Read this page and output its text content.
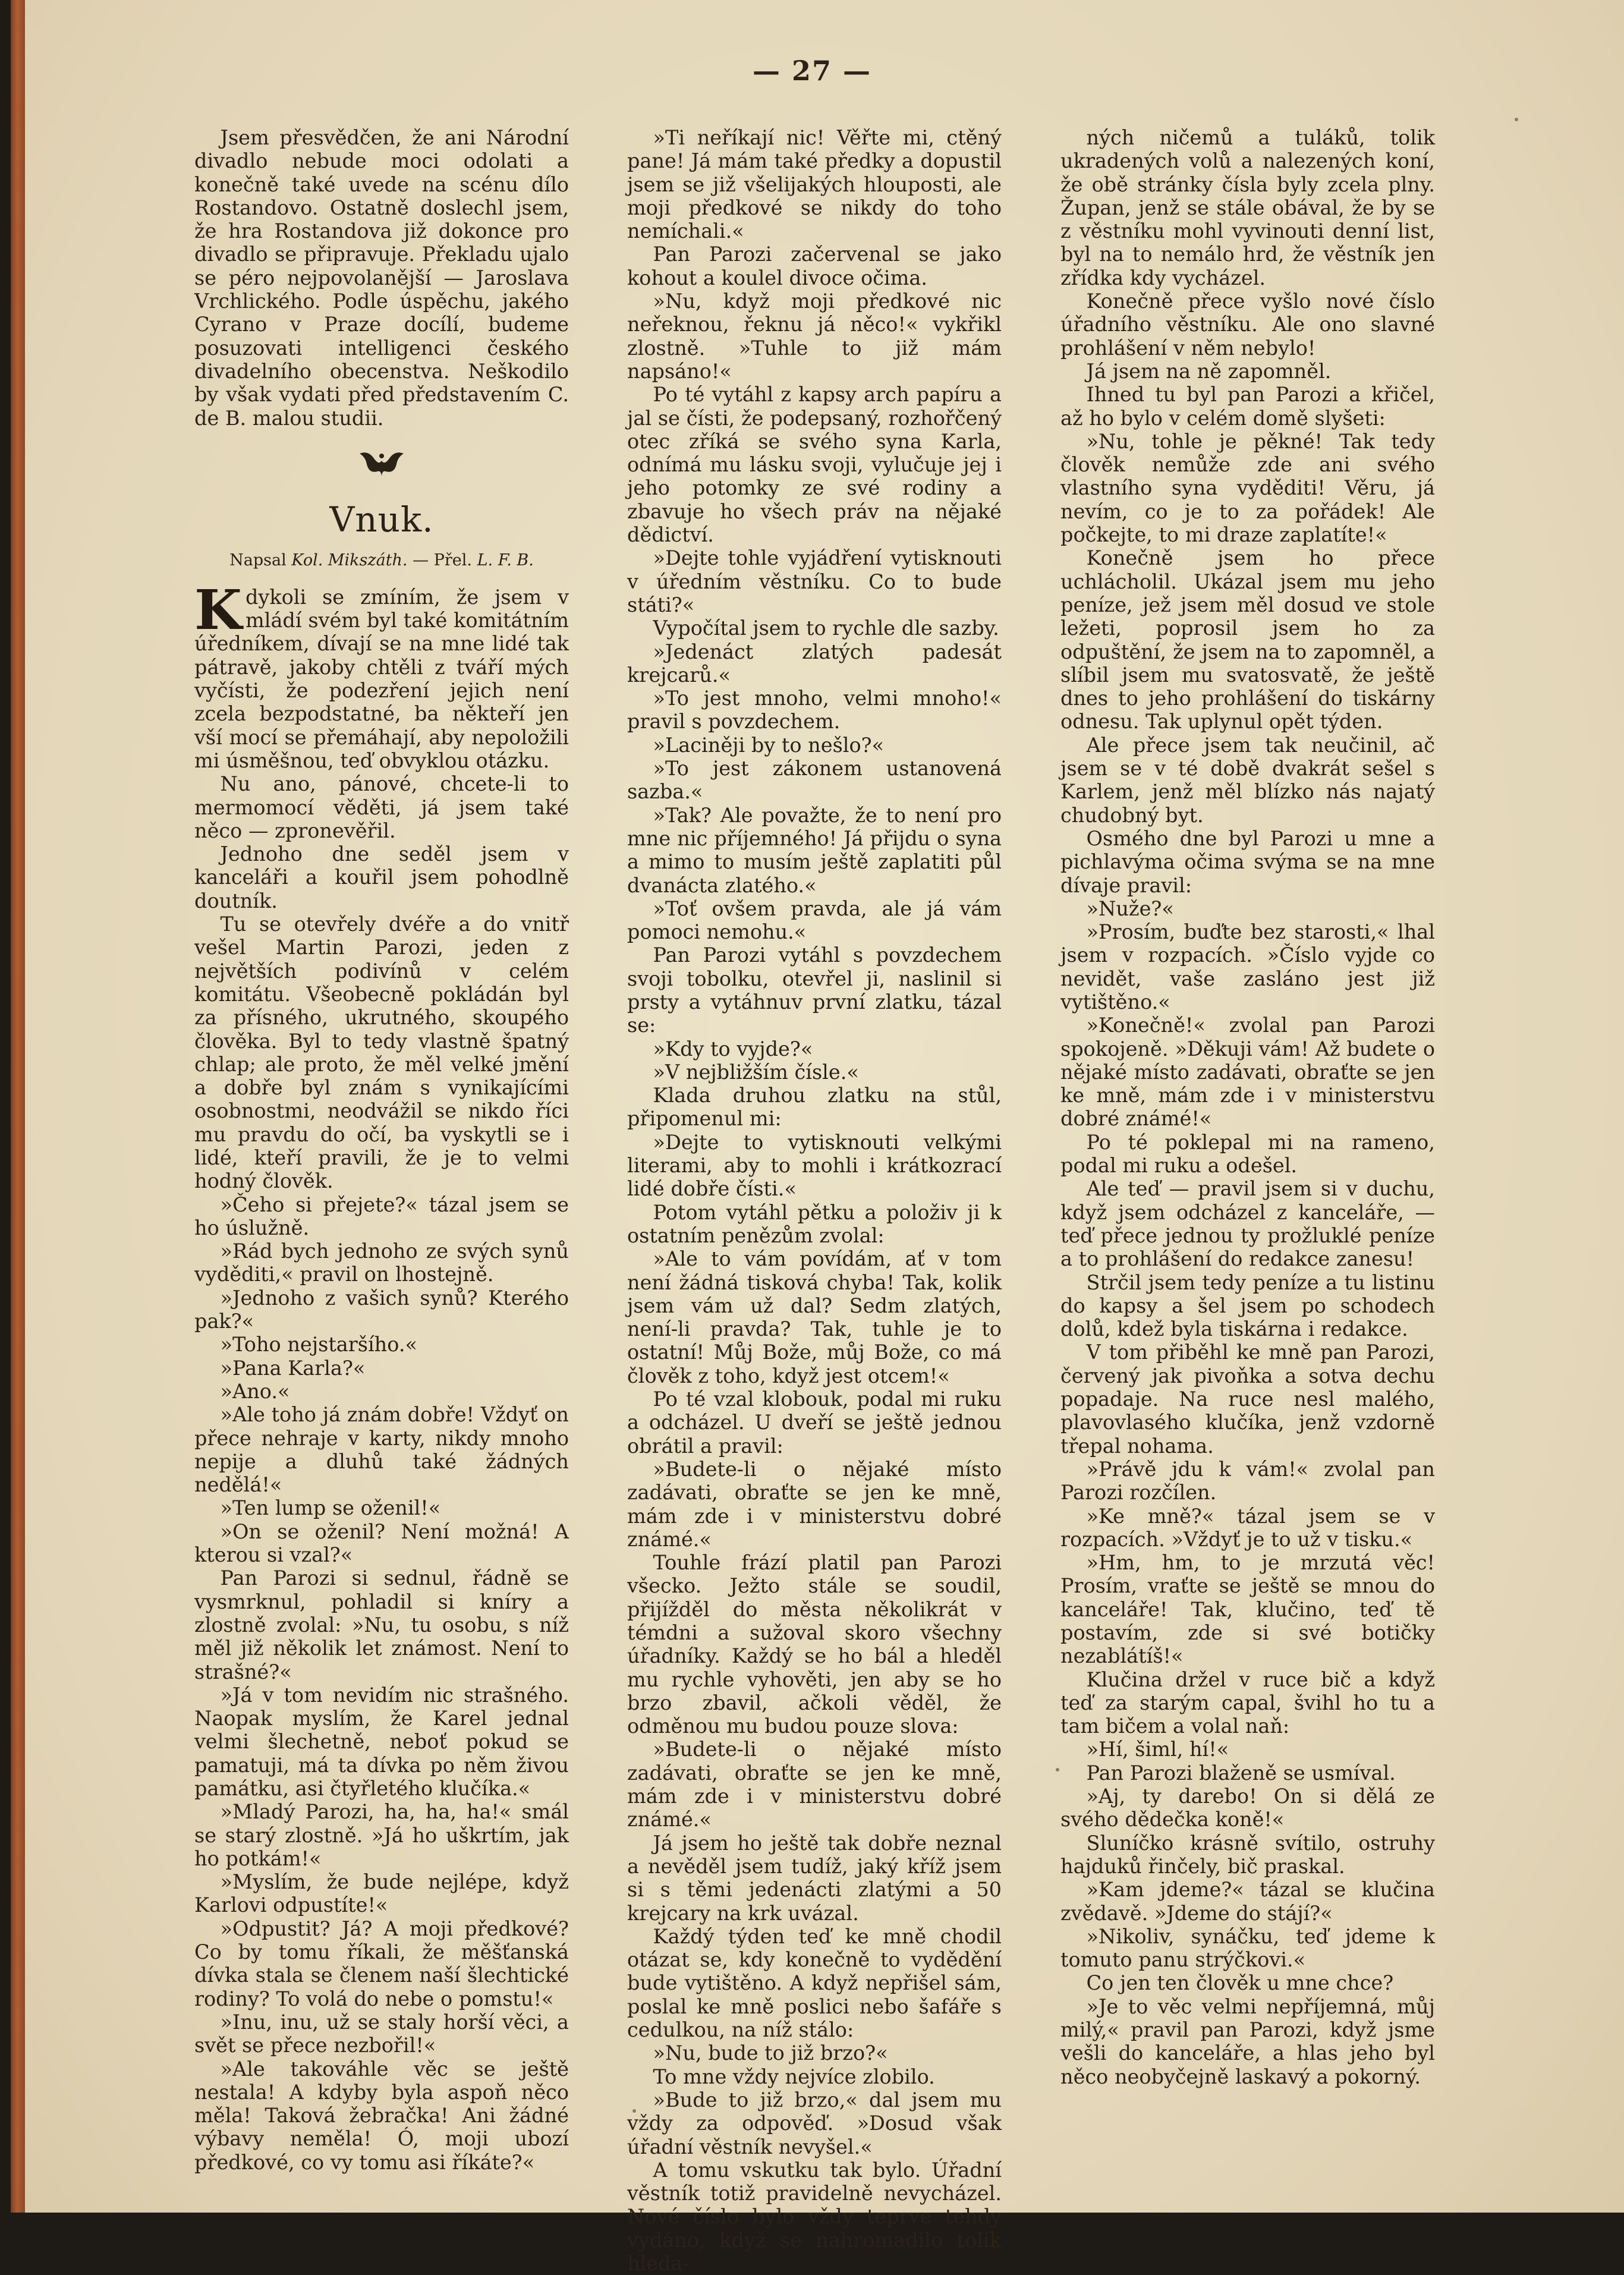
— 27 —

Jsem přesvědčen, že ani Národní divadlo nebude moci odolati a konečně také uvede na scénu dílo Rostandovo. Ostatně doslechl jsem, že hra Rostandova již dokonce pro divadlo se připravuje. Překladu ujalo se péro nejpovolanější — Jaroslava Vrchlického. Podle úspěchu, jakého Cyrano v Praze docílí, budeme posuzovati intelligenci českého divadelního obecenstva. Neškodilo by však vydati před představením C. de B. malou studii.

Vnuk.
Napsal Kol. Mikszáth. — Přel. L. F. B.

Kdykoli se zmíním, že jsem v mládí svém byl také komitátním úředníkem, dívají se na mne lidé tak pátravě, jakoby chtěli z tváří mých vyčísti, že podezření jejich není zcela bezpodstatné, ba někteří jen vší mocí se přemáhají, aby nepoložili mi úsměšnou, teď obvyklou otázku.

Nu ano, pánové, chcete-li to mermomocí věděti, já jsem také něco — zpronevěřil.

Jednoho dne seděl jsem v kanceláři a kouřil jsem pohodlně doutník.

Tu se otevřely dvéře a do vnitř vešel Martin Parozi, jeden z největších podivínů v celém komitátu. Všeobecně pokládán byl za přísného, ukrutného, skoupého člověka. Byl to tedy vlastně špatný chlap; ale proto, že měl velké jmění a dobře byl znám s vynikajícími osobnostmi, neodvážil se nikdo říci mu pravdu do očí, ba vyskytli se i lidé, kteří pravili, že je to velmi hodný člověk.

»Čeho si přejete?« tázal jsem se ho úslužně.

»Rád bych jednoho ze svých synů vyděditi,« pravil on lhostejně.

»Jednoho z vašich synů? Kterého pak?«

»Toho nejstaršího.«

»Pana Karla?«

»Ano.«

»Ale toho já znám dobře! Vždyť on přece nehraje v karty, nikdy mnoho nepije a dluhů také žádných nedělá!«

»Ten lump se oženil!«

»On se oženil? Není možná! A kterou si vzal?«

Pan Parozi si sednul, řádně se vysmrknul, pohladil si kníry a zlostně zvolal: »Nu, tu osobu, s níž měl již několik let známost. Není to strašné?«

»Já v tom nevidím nic strašného. Naopak myslím, že Karel jednal velmi šlechetně, neboť pokud se pamatuji, má ta dívka po něm živou památku, asi čtyřletého klučíka.«

»Mladý Parozi, ha, ha, ha!« smál se starý zlostně. »Já ho uškrtím, jak ho potkám!«

»Myslím, že bude nejlépe, když Karlovi odpustíte!«

»Odpustit? Já? A moji předkové? Co by tomu říkali, že měšťanská dívka stala se členem naší šlechtické rodiny? To volá do nebe o pomstu!«

»Inu, inu, už se staly horší věci, a svět se přece nezbořil!«

»Ale takováhle věc se ještě nestala! A kdyby byla aspoň něco měla! Taková žebračka! Ani žádné výbavy neměla! Ó, moji ubozí předkové, co vy tomu asi říkáte?«

»Ti neříkají nic! Věřte mi, ctěný pane! Já mám také předky a dopustil jsem se již všelijakých hlouposti, ale moji předkové se nikdy do toho nemíchali.«

Pan Parozi začervenal se jako kohout a koulel divoce očima.

»Nu, když moji předkové nic neřeknou, řeknu já něco!« vykřikl zlostně. »Tuhle to již mám napsáno!«

Po té vytáhl z kapsy arch papíru a jal se čísti, že podepsaný, rozhořčený otec zříká se svého syna Karla, odnímá mu lásku svoji, vylučuje jej i jeho potomky ze své rodiny a zbavuje ho všech práv na nějaké dědictví.

»Dejte tohle vyjádření vytisknouti v úředním věstníku. Co to bude státi?«

Vypočítal jsem to rychle dle sazby.

»Jedenáct zlatých padesát krejcarů.«

»To jest mnoho, velmi mnoho!« pravil s povzdechem.

»Laciněji by to nešlo?«

»To jest zákonem ustanovená sazba.«

»Tak? Ale považte, že to není pro mne nic příjemného! Já přijdu o syna a mimo to musím ještě zaplatiti půl dvanácta zlatého.«

»Toť ovšem pravda, ale já vám pomoci nemohu.«

Pan Parozi vytáhl s povzdechem svoji tobolku, otevřel ji, naslinil si prsty a vytáhnuv první zlatku, tázal se:

»Kdy to vyjde?«

»V nejbližším čísle.«

Klada druhou zlatku na stůl, připomenul mi:

»Dejte to vytisknouti velkými literami, aby to mohli i krátkozrací lidé dobře čísti.«

Potom vytáhl pětku a položiv ji k ostatním penězům zvolal:

»Ale to vám povídám, ať v tom není žádná tisková chyba! Tak, kolik jsem vám už dal? Sedm zlatých, není-li pravda? Tak, tuhle je to ostatní! Můj Bože, můj Bože, co má člověk z toho, když jest otcem!«

Po té vzal klobouk, podal mi ruku a odcházel. U dveří se ještě jednou obrátil a pravil:

»Budete-li o nějaké místo zadávati, obraťte se jen ke mně, mám zde i v ministerstvu dobré známé.«

Touhle frází platil pan Parozi všecko. Ježto stále se soudil, přijížděl do města několikrát v témdni a sužoval skoro všechny úřadníky. Každý se ho bál a hleděl mu rychle vyhověti, jen aby se ho brzo zbavil, ačkoli věděl, že odměnou mu budou pouze slova:

»Budete-li o nějaké místo zadávati, obraťte se jen ke mně, mám zde i v ministerstvu dobré známé.«

Já jsem ho ještě tak dobře neznal a nevěděl jsem tudíž, jaký kříž jsem si s těmi jedenácti zlatými a 50 krejcary na krk uvázal.

Každý týden teď ke mně chodil otázat se, kdy konečně to vydědění bude vytištěno. A když nepřišel sám, poslal ke mně poslici nebo šafáře s cedulkou, na níž stálo:

»Nu, bude to již brzo?«

To mne vždy nejvíce zlobilo.

»Bude to již brzo,« dal jsem mu vždy za odpověď. »Dosud však úřadní věstník nevyšel.«

A tomu vskutku tak bylo. Úřadní věstník totiž pravidelně nevycházel. Nové číslo bylo vždy teprve tehdy vydáno, když se nahromadilo tolik hleda-

ných ničemů a tuláků, tolik ukradených volů a nalezených koní, že obě stránky čísla byly zcela plny. Župan, jenž se stále obával, že by se z věstníku mohl vyvinouti denní list, byl na to nemálo hrd, že věstník jen zřídka kdy vycházel.

Konečně přece vyšlo nové číslo úřadního věstníku. Ale ono slavné prohlášení v něm nebylo!

Já jsem na ně zapomněl.

Ihned tu byl pan Parozi a křičel, až ho bylo v celém domě slyšeti:

»Nu, tohle je pěkné! Tak tedy člověk nemůže zde ani svého vlastního syna vyděditi! Věru, já nevím, co je to za pořádek! Ale počkejte, to mi draze zaplatíte!«

Konečně jsem ho přece uchlácholil. Ukázal jsem mu jeho peníze, jež jsem měl dosud ve stole ležeti, poprosil jsem ho za odpuštění, že jsem na to zapomněl, a slíbil jsem mu svatosvatě, že ještě dnes to jeho prohlášení do tiskárny odnesu. Tak uplynul opět týden.

Ale přece jsem tak neučinil, ač jsem se v té době dvakrát sešel s Karlem, jenž měl blízko nás najatý chudobný byt.

Osmého dne byl Parozi u mne a pichlavýma očima svýma se na mne dívaje pravil:

»Nuže?«

»Prosím, buďte bez starosti,« lhal jsem v rozpacích. »Číslo vyjde co nevidět, vaše zasláno jest již vytištěno.«

»Konečně!« zvolal pan Parozi spokojeně. »Děkuji vám! Až budete o nějaké místo zadávati, obraťte se jen ke mně, mám zde i v ministerstvu dobré známé!«

Po té poklepal mi na rameno, podal mi ruku a odešel.

Ale teď — pravil jsem si v duchu, když jsem odcházel z kanceláře, — teď přece jednou ty prožluklé peníze a to prohlášení do redakce zanesu!

Strčil jsem tedy peníze a tu listinu do kapsy a šel jsem po schodech dolů, kdež byla tiskárna i redakce.

V tom přiběhl ke mně pan Parozi, červený jak pivoňka a sotva dechu popadaje. Na ruce nesl malého, plavovlasého klučíka, jenž vzdorně třepal nohama.

»Právě jdu k vám!« zvolal pan Parozi rozčílen.

»Ke mně?« tázal jsem se v rozpacích. »Vždyť je to už v tisku.«

»Hm, hm, to je mrzutá věc! Prosím, vraťte se ještě se mnou do kanceláře! Tak, klučino, teď tě postavím, zde si své botičky nezablátíš!«

Klučina držel v ruce bič a když teď za starým capal, švihl ho tu a tam bičem a volal naň:

»Hí, šiml, hí!«

Pan Parozi blaženě se usmíval.

»Aj, ty darebo! On si dělá ze svého dědečka koně!«

Sluníčko krásně svítilo, ostruhy hajduků řinčely, bič praskal.

»Kam jdeme?« tázal se klučina zvědavě. »Jdeme do stájí?«

»Nikoliv, synáčku, teď jdeme k tomuto panu strýčkovi.«

Co jen ten člověk u mne chce?

»Je to věc velmi nepříjemná, můj milý,« pravil pan Parozi, když jsme vešli do kanceláře, a hlas jeho byl něco neobyčejně laskavý a pokorný.
